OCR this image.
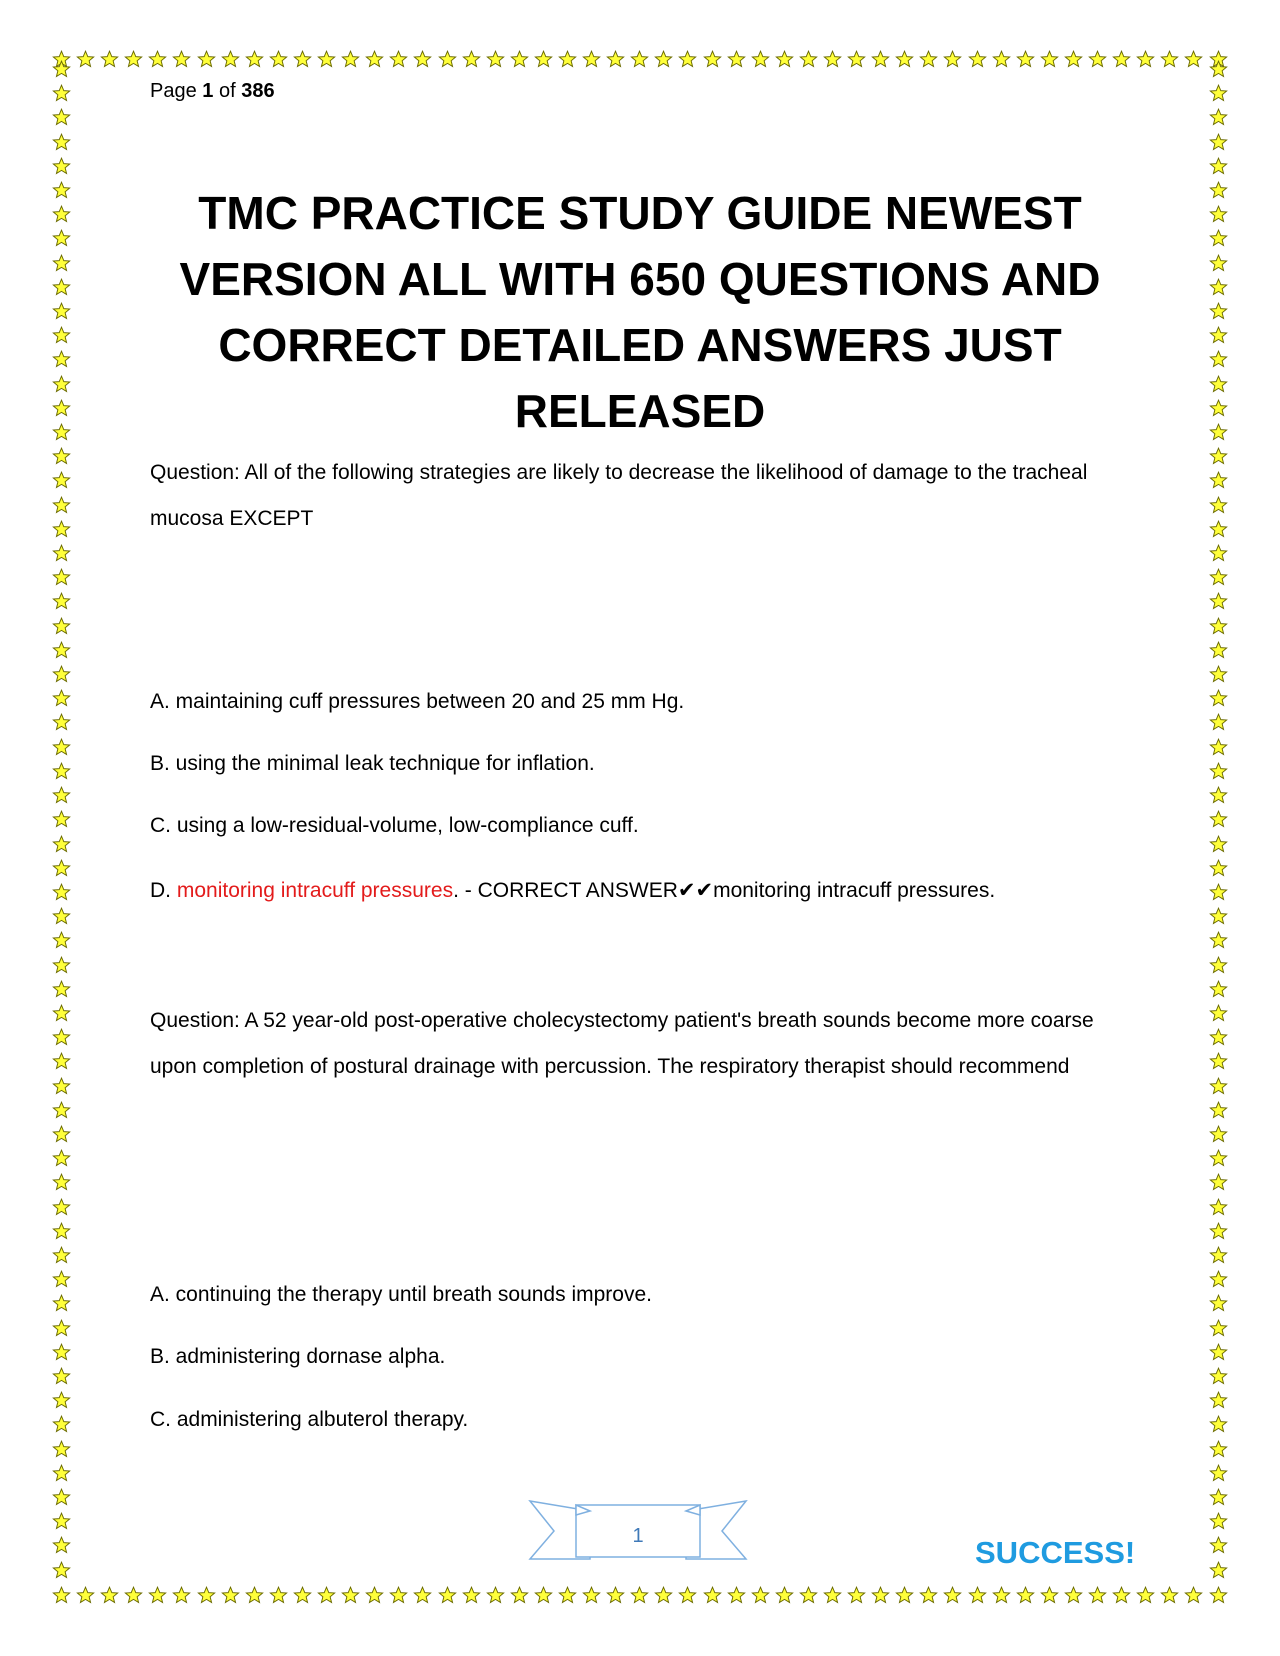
Page 1 of 386
TMC PRACTICE STUDY GUIDE NEWEST VERSION ALL WITH 650 QUESTIONS AND CORRECT DETAILED ANSWERS JUST RELEASED

Question: All of the following strategies are likely to decrease the likelihood of damage to the tracheal mucosa EXCEPT

A. maintaining cuff pressures between 20 and 25 mm Hg.

B. using the minimal leak technique for inflation.

C. using a low-residual-volume, low-compliance cuff.

D. monitoring intracuff pressures. - CORRECT ANSWER✔✔monitoring intracuff pressures.

Question: A 52 year-old post-operative cholecystectomy patient's breath sounds become more coarse upon completion of postural drainage with percussion. The respiratory therapist should recommend

A. continuing the therapy until breath sounds improve.

B. administering dornase alpha.

C. administering albuterol therapy.

1	SUCCESS!
